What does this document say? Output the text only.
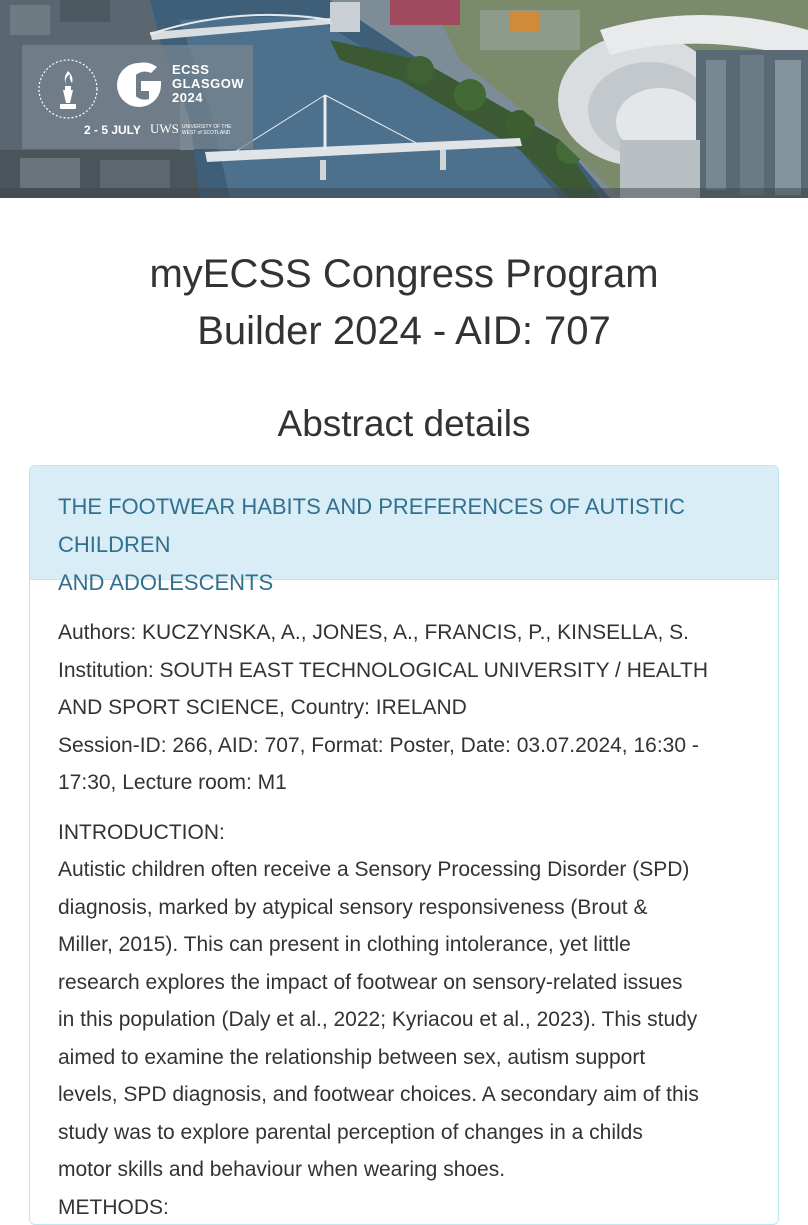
ECSS
GLASGOW
2024
2 - 5 JULY UWS UNIVERSITY OF THE
WEST of SCOTLAND
myECSS Congress Program
Builder 2024 - AID: 707
Abstract details
THE FOOTWEAR HABITS AND PREFERENCES OF AUTISTIC CHILDREN
AND ADOLESCENTS
Authors: KUCZYNSKA, A., JONES, A., FRANCIS, P., KINSELLA, S.
Institution: SOUTH EAST TECHNOLOGICAL UNIVERSITY / HEALTH
AND SPORT SCIENCE, Country: IRELAND
Session-ID: 266, AID: 707, Format: Poster, Date: 03.07.2024, 16:30 -
17:30, Lecture room: M1
INTRODUCTION:
Autistic children often receive a Sensory Processing Disorder (SPD)
diagnosis, marked by atypical sensory responsiveness (Brout &
Miller, 2015). This can present in clothing intolerance, yet little
research explores the impact of footwear on sensory-related issues
in this population (Daly et al., 2022; Kyriacou et al., 2023). This study
aimed to examine the relationship between sex, autism support
levels, SPD diagnosis, and footwear choices. A secondary aim of this
study was to explore parental perception of changes in a childs
motor skills and behaviour when wearing shoes.
METHODS:
